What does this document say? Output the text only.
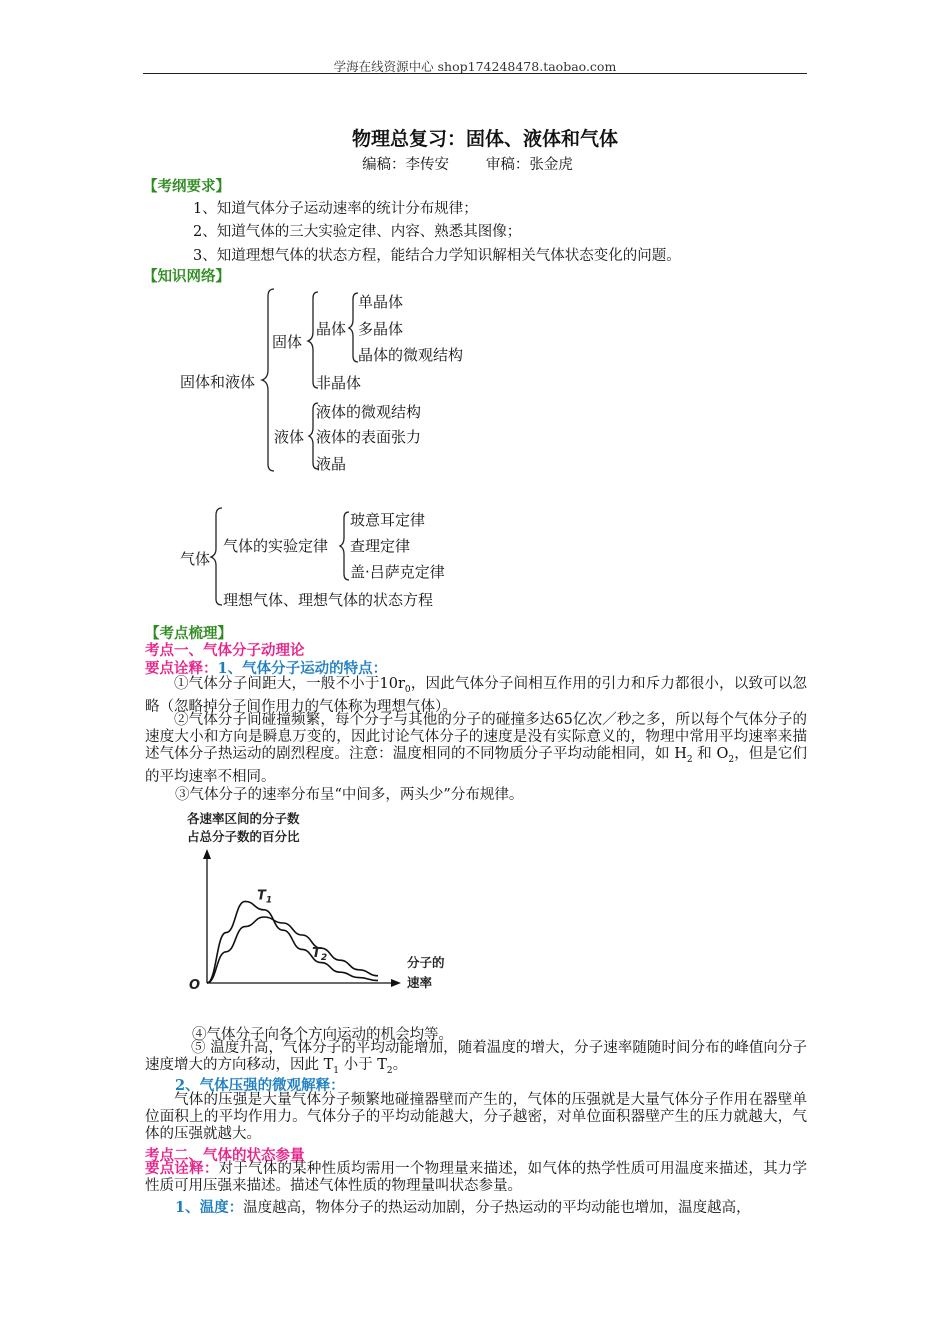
学海在线资源中心 shop174248478.taobao.com
物理总复习：固体、液体和气体
编稿：李传安        审稿：张金虎
【考纲要求】
1、知道气体分子运动速率的统计分布规律；
2、知道气体的三大实验定律、内容、熟悉其图像；
3、知道理想气体的状态方程，能结合力学知识解相关气体状态变化的问题。
【知识网络】
固体和液体
固体
晶体
单晶体
多晶体
晶体的微观结构
非晶体
液体
液体的微观结构
液体的表面张力
液晶
气体
气体的实验定律
玻意耳定律
查理定律
盖·吕萨克定律
理想气体、理想气体的状态方程
【考点梳理】
考点一、气体分子动理论
要点诠释：1、气体分子运动的特点：
①气体分子间距大，一般不小于$10r_0$，因此气体分子间相互作用的引力和斥力都很小，以致可以忽略（忽略掉分子间作用力的气体称为理想气体）。
②气体分子间碰撞频繁，每个分子与其他的分子的碰撞多达65亿次／秒之多，所以每个气体分子的速度大小和方向是瞬息万变的，因此讨论气体分子的速度是没有实际意义的，物理中常用平均速率来描述气体分子热运动的剧烈程度。注意：温度相同的不同物质分子平均动能相同，如 $H_2$ 和 $O_2$，但是它们的平均速率不相同。
③气体分子的速率分布呈“中间多，两头少”分布规律。
各速率区间的分子数
占总分子数的百分比
O
分子的
速率
$T_1$
$T_2$
④气体分子向各个方向运动的机会均等。
⑤ 温度升高，气体分子的平均动能增加，随着温度的增大，分子速率随随时间分布的峰值向分子速度增大的方向移动，因此 $T_1$ 小于 $T_2$。
2、气体压强的微观解释：
气体的压强是大量气体分子频繁地碰撞器壁而产生的，气体的压强就是大量气体分子作用在器壁单位面积上的平均作用力。气体分子的平均动能越大，分子越密，对单位面积器壁产生的压力就越大，气体的压强就越大。
考点二、气体的状态参量
要点诠释：对于气体的某种性质均需用一个物理量来描述，如气体的热学性质可用温度来描述，其力学性质可用压强来描述。描述气体性质的物理量叫状态参量。
1、温度：温度越高，物体分子的热运动加剧，分子热运动的平均动能也增加，温度越高，
